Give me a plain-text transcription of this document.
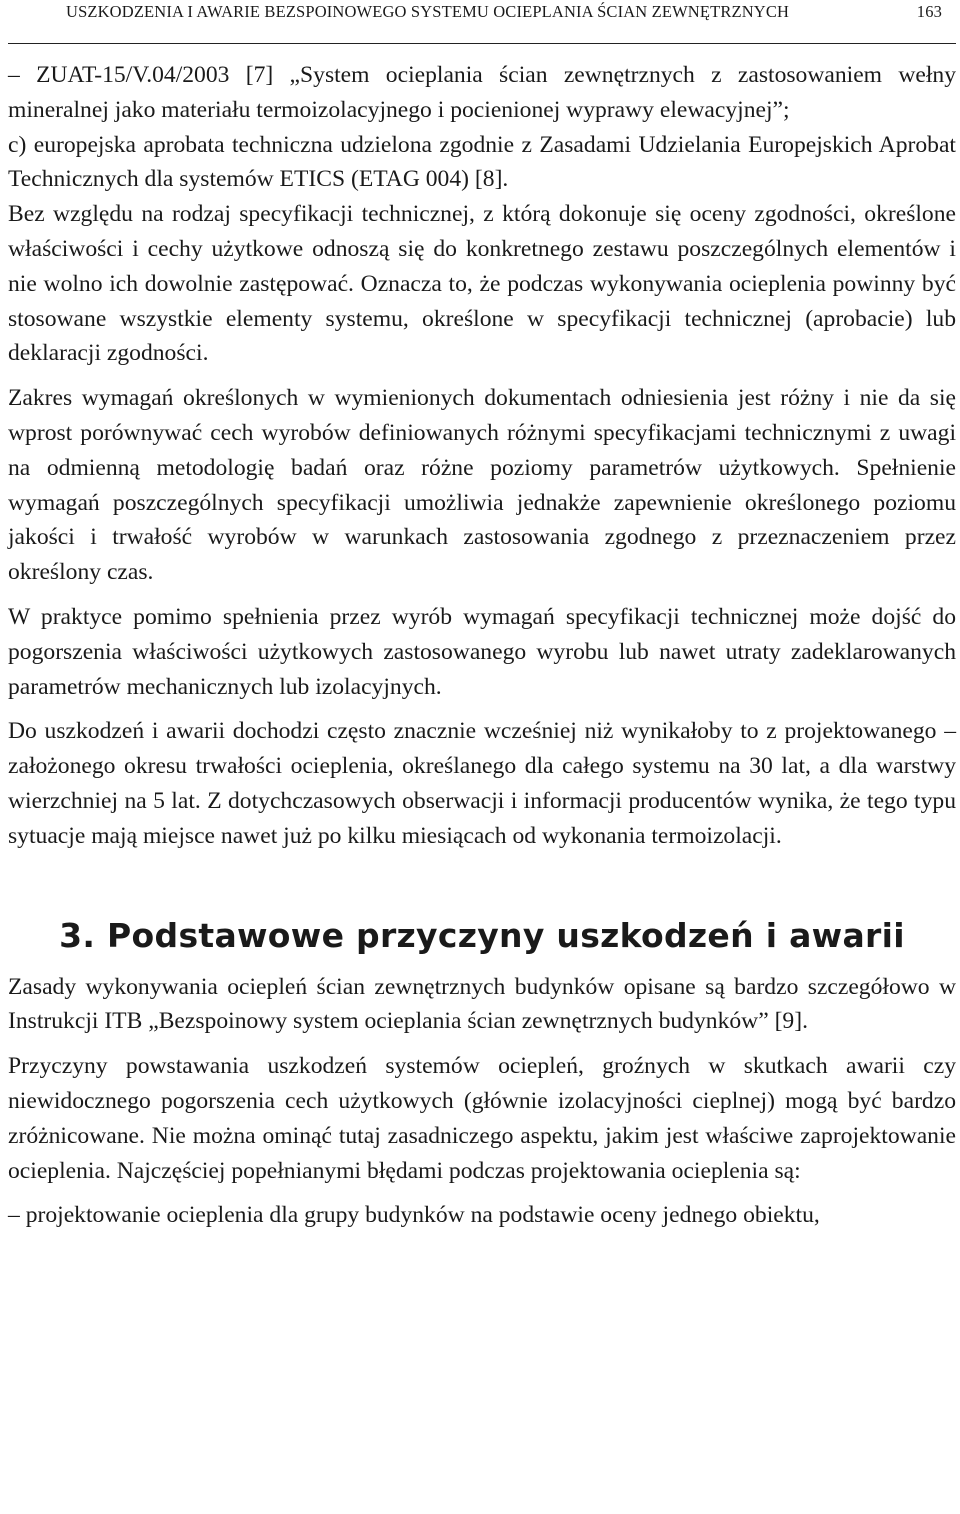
USZKODZENIA I AWARIE BEZSPOINOWEGO SYSTEMU OCIEPLANIA ŚCIAN ZEWNĘTRZNYCH	163

– ZUAT-15/V.04/2003 [7] „System ocieplania ścian zewnętrznych z zastosowaniem wełny mineralnej jako materiału termoizolacyjnego i pocienionej wyprawy elewacyjnej”;

c) europejska aprobata techniczna udzielona zgodnie z Zasadami Udzielania Europejskich Aprobat Technicznych dla systemów ETICS (ETAG 004) [8].

Bez względu na rodzaj specyfikacji technicznej, z którą dokonuje się oceny zgodności, określone właściwości i cechy użytkowe odnoszą się do konkretnego zestawu poszczególnych elementów i nie wolno ich dowolnie zastępować. Oznacza to, że podczas wykonywania ocieplenia powinny być stosowane wszystkie elementy systemu, określone w specyfikacji technicznej (aprobacie) lub deklaracji zgodności.

Zakres wymagań określonych w wymienionych dokumentach odniesienia jest różny i nie da się wprost porównywać cech wyrobów definiowanych różnymi specyfikacjami technicznymi z uwagi na odmienną metodologię badań oraz różne poziomy parametrów użytkowych. Spełnienie wymagań poszczególnych specyfikacji umożliwia jednakże zapewnienie określonego poziomu jakości i trwałość wyrobów w warunkach zastosowania zgodnego z przeznaczeniem przez określony czas.

W praktyce pomimo spełnienia przez wyrób wymagań specyfikacji technicznej może dojść do pogorszenia właściwości użytkowych zastosowanego wyrobu lub nawet utraty zadeklarowanych parametrów mechanicznych lub izolacyjnych.

Do uszkodzeń i awarii dochodzi często znacznie wcześniej niż wynikałoby to z projektowanego – założonego okresu trwałości ocieplenia, określanego dla całego systemu na 30 lat, a dla warstwy wierzchniej na 5 lat. Z dotychczasowych obserwacji i informacji producentów wynika, że tego typu sytuacje mają miejsce nawet już po kilku miesiącach od wykonania termoizolacji.

3. Podstawowe przyczyny uszkodzeń i awarii

Zasady wykonywania ociepleń ścian zewnętrznych budynków opisane są bardzo szczegółowo w Instrukcji ITB „Bezspoinowy system ocieplania ścian zewnętrznych budynków” [9].

Przyczyny powstawania uszkodzeń systemów ociepleń, groźnych w skutkach awarii czy niewidocznego pogorszenia cech użytkowych (głównie izolacyjności cieplnej) mogą być bardzo zróżnicowane. Nie można ominąć tutaj zasadniczego aspektu, jakim jest właściwe zaprojektowanie ocieplenia. Najczęściej popełnianymi błędami podczas projektowania ocieplenia są:

– projektowanie ocieplenia dla grupy budynków na podstawie oceny jednego obiektu,
